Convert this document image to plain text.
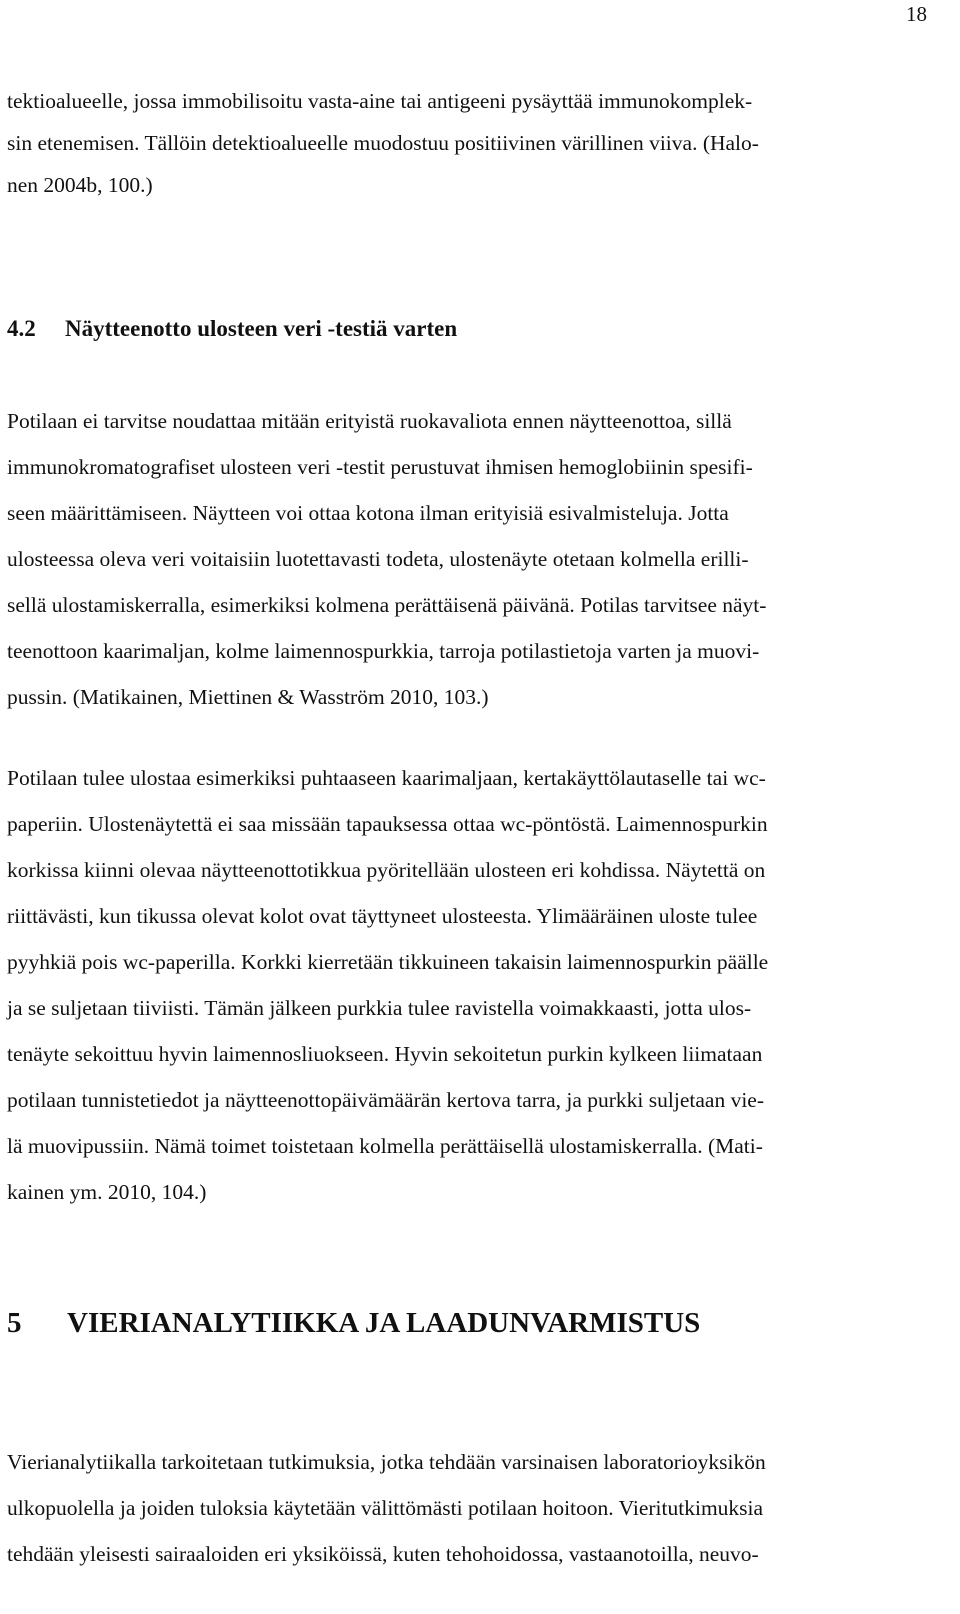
18
tektioalueelle, jossa immobilisoitu vasta-aine tai antigeeni pysäyttää immunokomplek-
sin etenemisen. Tällöin detektioalueelle muodostuu positiivinen värillinen viiva. (Halo-
nen 2004b, 100.)
4.2 Näytteenotto ulosteen veri -testiä varten
Potilaan ei tarvitse noudattaa mitään erityistä ruokavaliota ennen näytteenottoa, sillä
immunokromatografiset ulosteen veri -testit perustuvat ihmisen hemoglobiinin spesifi-
seen määrittämiseen. Näytteen voi ottaa kotona ilman erityisiä esivalmisteluja. Jotta
ulosteessa oleva veri voitaisiin luotettavasti todeta, ulostenäyte otetaan kolmella erilli-
sellä ulostamiskerralla, esimerkiksi kolmena perättäisenä päivänä. Potilas tarvitsee näyt-
teenottoon kaarimaljan, kolme laimennospurkkia, tarroja potilastietoja varten ja muovi-
pussin. (Matikainen, Miettinen & Wasström 2010, 103.)
Potilaan tulee ulostaa esimerkiksi puhtaaseen kaarimaljaan, kertakäyttölautaselle tai wc-
paperiin. Ulostenäytettä ei saa missään tapauksessa ottaa wc-pöntöstä. Laimennospurkin
korkissa kiinni olevaa näytteenottotikkua pyöritellään ulosteen eri kohdissa. Näytettä on
riittävästi, kun tikussa olevat kolot ovat täyttyneet ulosteesta. Ylimääräinen uloste tulee
pyyhkiä pois wc-paperilla. Korkki kierretään tikkuineen takaisin laimennospurkin päälle
ja se suljetaan tiiviisti. Tämän jälkeen purkkia tulee ravistella voimakkaasti, jotta ulos-
tenäyte sekoittuu hyvin laimennosliuokseen. Hyvin sekoitetun purkin kylkeen liimataan
potilaan tunnistetiedot ja näytteenottopäivämäärän kertova tarra, ja purkki suljetaan vie-
lä muovipussiin. Nämä toimet toistetaan kolmella perättäisellä ulostamiskerralla. (Mati-
kainen ym. 2010, 104.)
5 VIERIANALYTIIKKA JA LAADUNVARMISTUS
Vierianalytiikalla tarkoitetaan tutkimuksia, jotka tehdään varsinaisen laboratorioyksikön
ulkopuolella ja joiden tuloksia käytetään välittömästi potilaan hoitoon. Vieritutkimuksia
tehdään yleisesti sairaaloiden eri yksiköissä, kuten tehohoidossa, vastaanotoilla, neuvo-
